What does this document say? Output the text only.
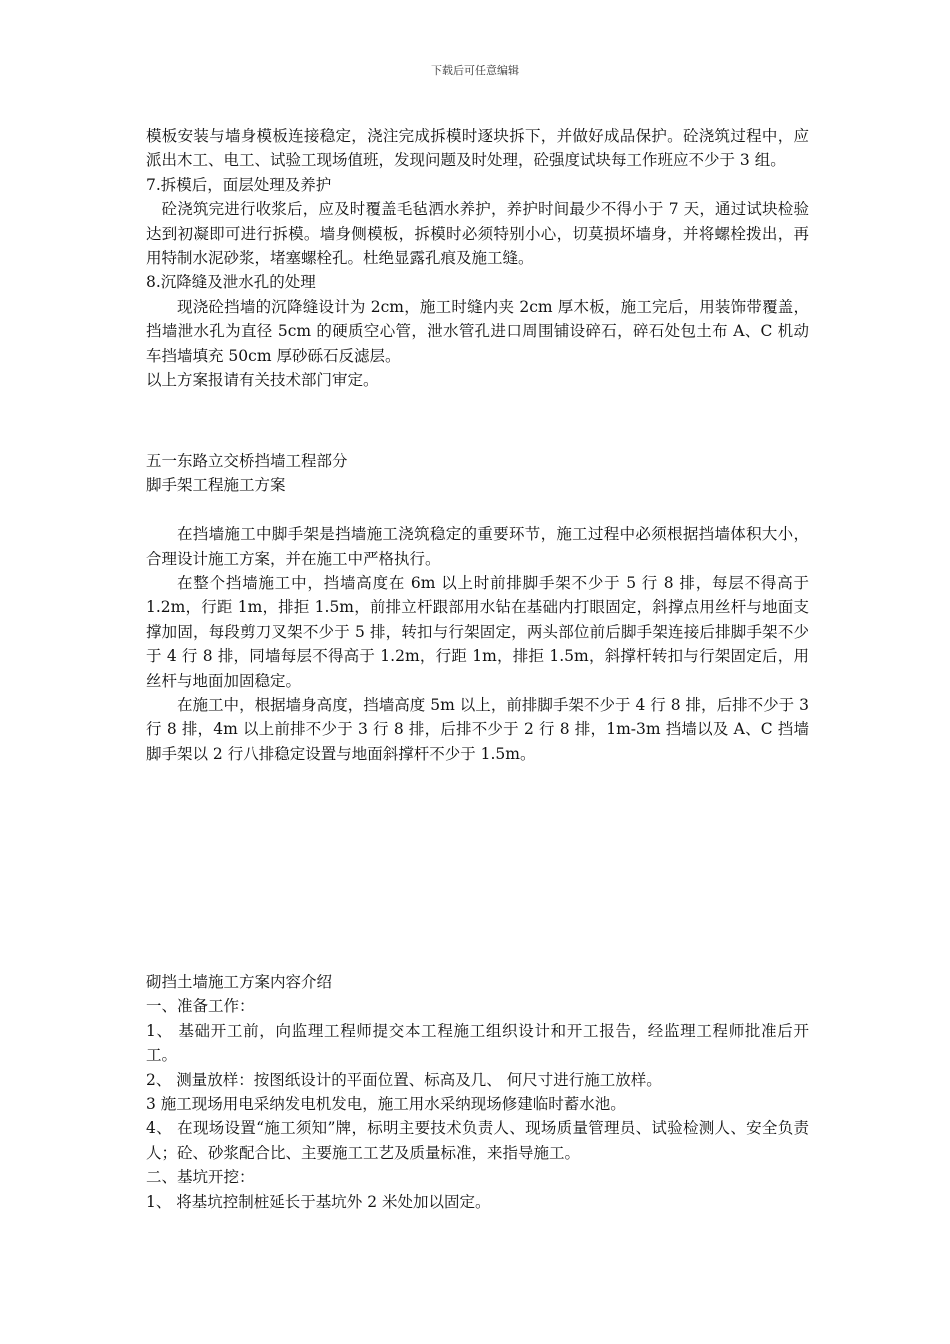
下载后可任意编辑

模板安装与墙身模板连接稳定，浇注完成拆模时逐块拆下，并做好成品保护。砼浇筑过程中，应派出木工、电工、试验工现场值班，发现问题及时处理，砼强度试块每工作班应不少于 3 组。

7.拆模后，面层处理及养护

砼浇筑完进行收浆后，应及时覆盖毛毡洒水养护，养护时间最少不得小于 7 天，通过试块检验达到初凝即可进行拆模。墙身侧模板，拆模时必须特别小心，切莫损坏墙身，并将螺栓拨出，再用特制水泥砂浆，堵塞螺栓孔。杜绝显露孔痕及施工缝。

8.沉降缝及泄水孔的处理

现浇砼挡墙的沉降缝设计为 2cm，施工时缝内夹 2cm 厚木板，施工完后，用装饰带覆盖，挡墙泄水孔为直径 5cm 的硬质空心管，泄水管孔进口周围铺设碎石，碎石处包土布 A、C 机动车挡墙填充 50cm 厚砂砾石反滤层。

以上方案报请有关技术部门审定。

五一东路立交桥挡墙工程部分

脚手架工程施工方案

在挡墙施工中脚手架是挡墙施工浇筑稳定的重要环节，施工过程中必须根据挡墙体积大小，合理设计施工方案，并在施工中严格执行。

在整个挡墙施工中，挡墙高度在 6m 以上时前排脚手架不少于 5 行 8 排，每层不得高于 1.2m，行距 1m，排拒 1.5m，前排立杆跟部用水钻在基础内打眼固定，斜撑点用丝杆与地面支撑加固，每段剪刀叉架不少于 5 排，转扣与行架固定，两头部位前后脚手架连接后排脚手架不少于 4 行 8 排，同墙每层不得高于 1.2m，行距 1m，排拒 1.5m，斜撑杆转扣与行架固定后，用丝杆与地面加固稳定。

在施工中，根据墙身高度，挡墙高度 5m 以上，前排脚手架不少于 4 行 8 排，后排不少于 3 行 8 排，4m 以上前排不少于 3 行 8 排，后排不少于 2 行 8 排，1m-3m 挡墙以及 A、C 挡墙脚手架以 2 行八排稳定设置与地面斜撑杆不少于 1.5m。

砌挡土墙施工方案内容介绍

一、准备工作：

1、 基础开工前，向监理工程师提交本工程施工组织设计和开工报告，经监理工程师批准后开工。

2、 测量放样：按图纸设计的平面位置、标高及几、 何尺寸进行施工放样。

3 施工现场用电采纳发电机发电，施工用水采纳现场修建临时蓄水池。

4、 在现场设置“施工须知”牌，标明主要技术负责人、现场质量管理员、试验检测人、安全负责人；砼、砂浆配合比、主要施工工艺及质量标准，来指导施工。

二、基坑开挖：

1、 将基坑控制桩延长于基坑外 2 米处加以固定。
